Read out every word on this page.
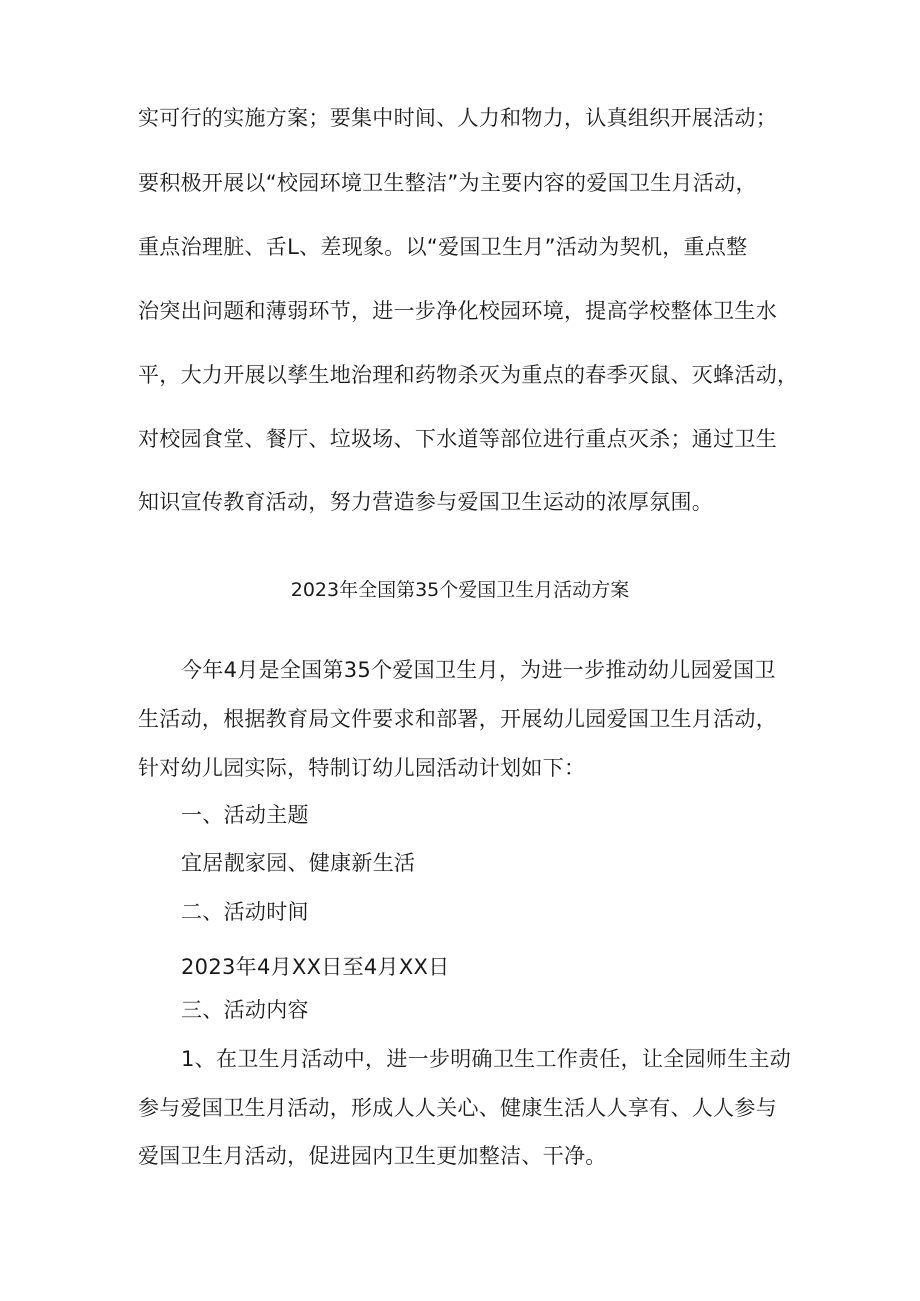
实可行的实施方案；要集中时间、人力和物力，认真组织开展活动；
要积极开展以“校园环境卫生整洁”为主要内容的爱国卫生月活动，
重点治理脏、舌L、差现象。以“爱国卫生月”活动为契机，重点整
治突出问题和薄弱环节，进一步净化校园环境，提高学校整体卫生水
平，大力开展以孳生地治理和药物杀灭为重点的春季灭鼠、灭蜂活动，
对校园食堂、餐厅、垃圾场、下水道等部位进行重点灭杀；通过卫生
知识宣传教育活动，努力营造参与爱国卫生运动的浓厚氛围。
2023年全国第35个爱国卫生月活动方案
今年4月是全国第35个爱国卫生月，为进一步推动幼儿园爱国卫
生活动，根据教育局文件要求和部署，开展幼儿园爱国卫生月活动，
针对幼儿园实际，特制订幼儿园活动计划如下：
一、活动主题
宜居靓家园、健康新生活
二、活动时间
2023年4月XX日至4月XX日
三、活动内容
1、在卫生月活动中，进一步明确卫生工作责任，让全园师生主动
参与爱国卫生月活动，形成人人关心、健康生活人人享有、人人参与
爱国卫生月活动，促进园内卫生更加整洁、干净。
